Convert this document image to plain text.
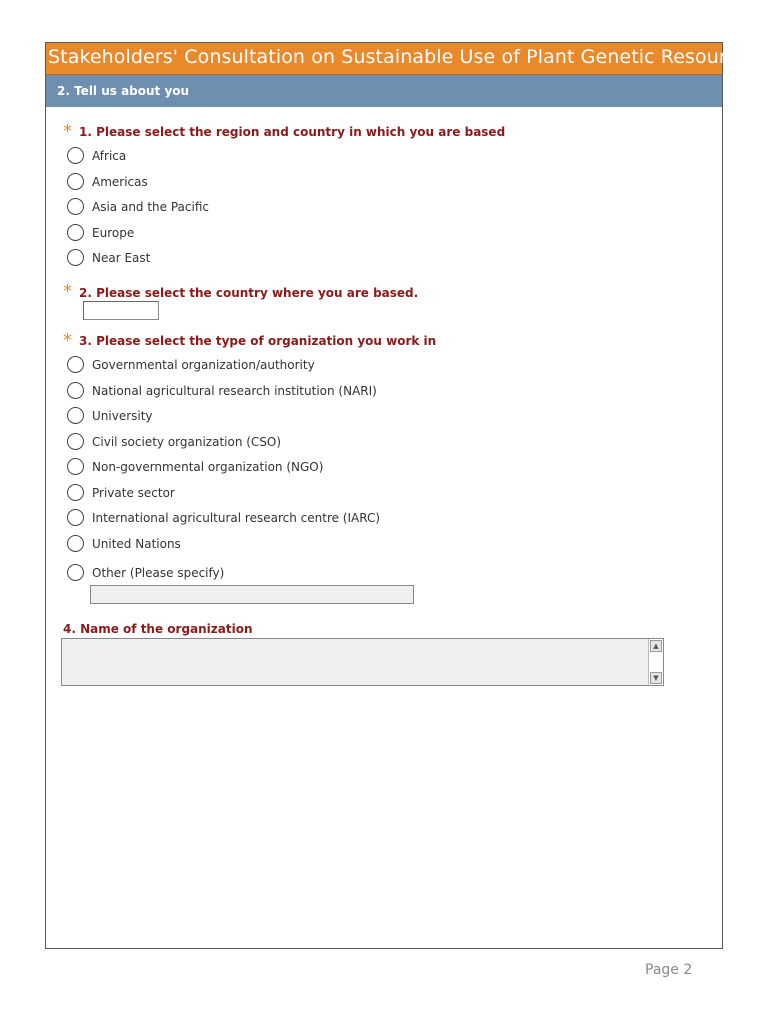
Stakeholders' Consultation on Sustainable Use of Plant Genetic Resources
2. Tell us about you
* 1. Please select the region and country in which you are based
Africa
Americas
Asia and the Pacific
Europe
Near East
* 2. Please select the country where you are based.
* 3. Please select the type of organization you work in
Governmental organization/authority
National agricultural research institution (NARI)
University
Civil society organization (CSO)
Non-governmental organization (NGO)
Private sector
International agricultural research centre (IARC)
United Nations
Other (Please specify)
4. Name of the organization
▲
▼
Page 2
